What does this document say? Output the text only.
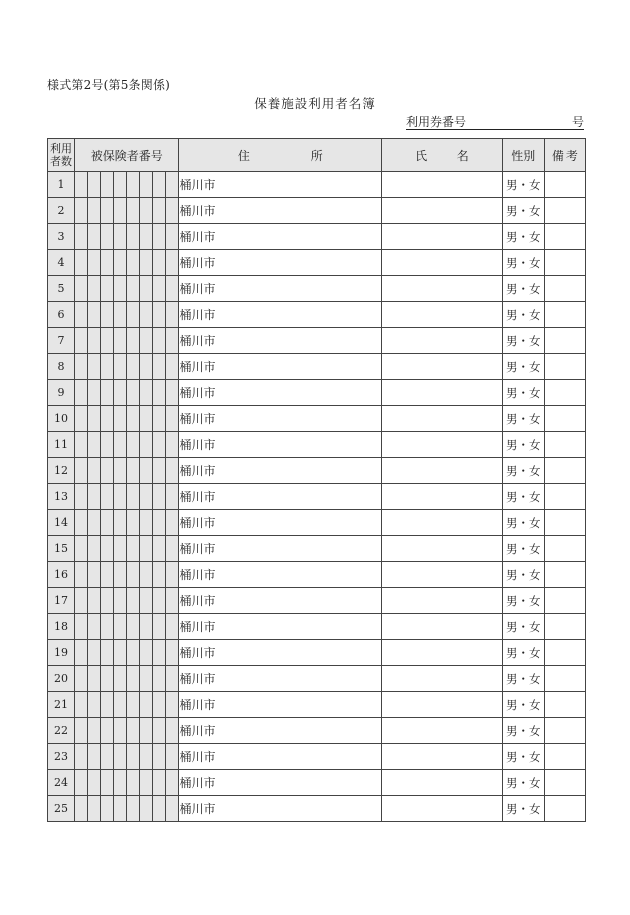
様式第2号(第5条関係)
保養施設利用者名簿
利用券番号	号
利用
者数	被保険者番号								住 所	氏 名	性別	備 考

1									桶川市		男・女	
2									桶川市		男・女	
3									桶川市		男・女	
4									桶川市		男・女	
5									桶川市		男・女	
6									桶川市		男・女	
7									桶川市		男・女	
8									桶川市		男・女	
9									桶川市		男・女	
10									桶川市		男・女	
11									桶川市		男・女	
12									桶川市		男・女	
13									桶川市		男・女	
14									桶川市		男・女	
15									桶川市		男・女	
16									桶川市		男・女	
17									桶川市		男・女	
18									桶川市		男・女	
19									桶川市		男・女	
20									桶川市		男・女	
21									桶川市		男・女	
22									桶川市		男・女	
23									桶川市		男・女	
24									桶川市		男・女	
25									桶川市		男・女	
